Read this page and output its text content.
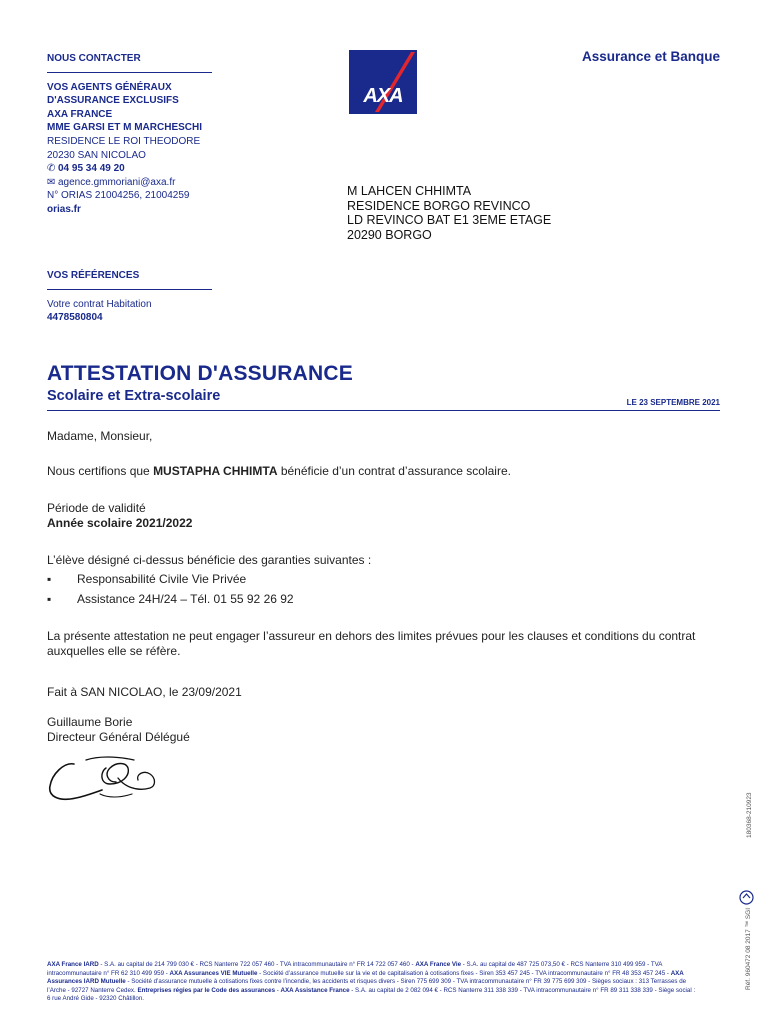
NOUS CONTACTER
VOS AGENTS GÉNÉRAUX
D'ASSURANCE EXCLUSIFS
AXA FRANCE
MME GARSI ET M MARCHESCHI
RESIDENCE LE ROI THEODORE
20230 SAN NICOLAO
✆ 04 95 34 49 20
✉ agence.gmmoriani@axa.fr
N° ORIAS 21004256, 21004259
orias.fr
VOS RÉFÉRENCES
Votre contrat Habitation
4478580804
AXA
Assurance et Banque
M LAHCEN CHHIMTA
RESIDENCE BORGO REVINCO
LD REVINCO BAT E1 3EME ETAGE
20290 BORGO
ATTESTATION D'ASSURANCE
Scolaire et Extra-scolaire	LE 23 SEPTEMBRE 2021
Madame, Monsieur,
Nous certifions que MUSTAPHA CHHIMTA bénéficie d’un contrat d’assurance scolaire.
Période de validité
Année scolaire 2021/2022
L’élève désigné ci-dessus bénéficie des garanties suivantes :
▪ Responsabilité Civile Vie Privée
▪ Assistance 24H/24 – Tél. 01 55 92 26 92
La présente attestation ne peut engager l’assureur en dehors des limites prévues pour les clauses et conditions du contrat
auxquelles elle se réfère.
Fait à SAN NICOLAO, le 23/09/2021
Guillaume Borie
Directeur Général Délégué
180368-210923
Réf. 960472 08 2017 ™ SGI
AXA France IARD - S.A. au capital de 214 799 030 € - RCS Nanterre 722 057 460 - TVA intracommunautaire n° FR 14 722 057 460 - AXA France Vie - S.A. au capital de 487 725 073,50 € - RCS Nanterre 310 499 959 - TVA intracommunautaire n° FR 62 310 499 959 - AXA Assurances VIE Mutuelle - Société d’assurance mutuelle sur la vie et de capitalisation à cotisations fixes - Siren 353 457 245 - TVA intracommunautaire n° FR 48 353 457 245 - AXA Assurances IARD Mutuelle - Société d’assurance mutuelle à cotisations fixes contre l’incendie, les accidents et risques divers - Siren 775 699 309 - TVA intracommunautaire n° FR 39 775 699 309 - Sièges sociaux : 313 Terrasses de l’Arche - 92727 Nanterre Cedex. Entreprises régies par le Code des assurances - AXA Assistance France - S.A. au capital de 2 082 094 € - RCS Nanterre 311 338 339 - TVA intracommunautaire n° FR 89 311 338 339 - Siège social : 6 rue André Gide - 92320 Châtillon.
